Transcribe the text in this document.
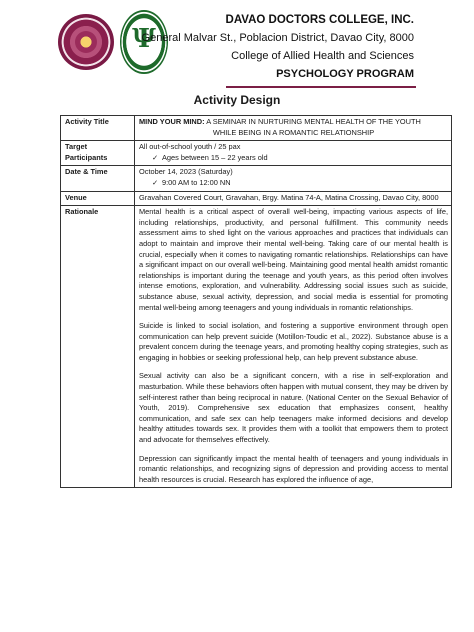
Ψ
DAVAO DOCTORS COLLEGE, INC.
General Malvar St., Poblacion District, Davao City, 8000
College of Allied Health and Sciences
PSYCHOLOGY PROGRAM
Activity Design
Activity Title	MIND YOUR MIND: A SEMINAR IN NURTURING MENTAL HEALTH OF THE YOUTH
WHILE BEING IN A ROMANTIC RELATIONSHIP

Target Participants	All out-of-school youth / 25 pax
✓ Ages between 15 – 22 years old

Date & Time	October 14, 2023 (Saturday)
✓ 9:00 AM to 12:00 NN

Venue	Gravahan Covered Court, Gravahan, Brgy. Matina 74-A, Matina Crossing, Davao City, 8000
Rationale	Mental health is a critical aspect of overall well-being, impacting various aspects of life, including relationships, productivity, and personal fulfillment. This community needs assessment aims to shed light on the various approaches and practices that individuals can adopt to maintain and improve their mental well-being. Taking care of our mental health is crucial, especially when it comes to navigating romantic relationships. Relationships can have a significant impact on our overall well-being. Maintaining good mental health amidst romantic relationships is important during the teenage and youth years, as this period often involves intense emotions, exploration, and vulnerability. Addressing social issues such as suicide, substance abuse, sexual activity, depression, and social media is essential for promoting mental well-being among teenagers and young individuals in romantic relationships.

Suicide is linked to social isolation, and fostering a supportive environment through open communication can help prevent suicide (Motillon-Toudic et al., 2022). Substance abuse is a prevalent concern during the teenage years, and promoting healthy coping strategies, such as engaging in hobbies or seeking professional help, can help prevent substance abuse.

Sexual activity can also be a significant concern, with a rise in self-exploration and masturbation. While these behaviors often happen with mutual consent, they may be driven by self-interest rather than being reciprocal in nature. (National Center on the Sexual Behavior of Youth, 2019). Comprehensive sex education that emphasizes consent, healthy communication, and safe sex can help teenagers make informed decisions and develop healthy attitudes towards sex. It provides them with a toolkit that empowers them to protect and advocate for themselves effectively.

Depression can significantly impact the mental health of teenagers and young individuals in romantic relationships, and recognizing signs of depression and providing access to mental health resources is crucial. Research has explored the influence of age,
